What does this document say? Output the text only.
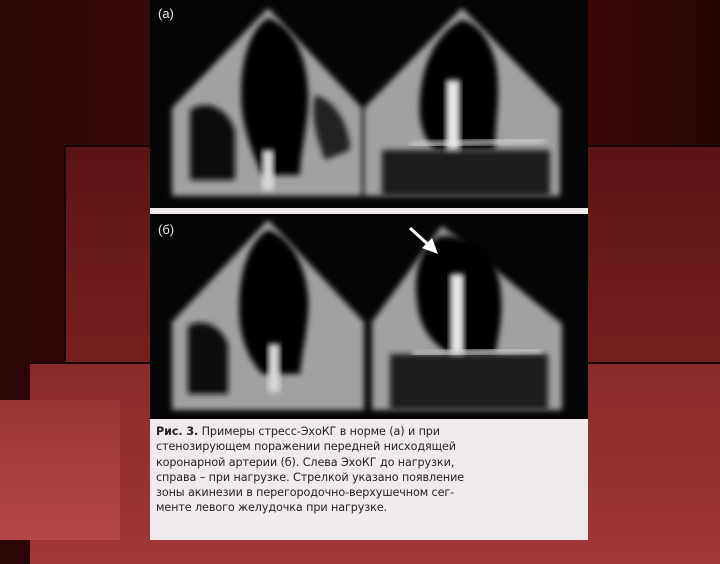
(а)
(б)
Рис. 3. Примеры стресс-ЭхоКГ в норме (а) и при
стенозирующем поражении передней нисходящей
коронарной артерии (б). Слева ЭхоКГ до нагрузки,
справа – при нагрузке. Стрелкой указано появление
зоны акинезии в перегородочно-верхушечном сег-
менте левого желудочка при нагрузке.
